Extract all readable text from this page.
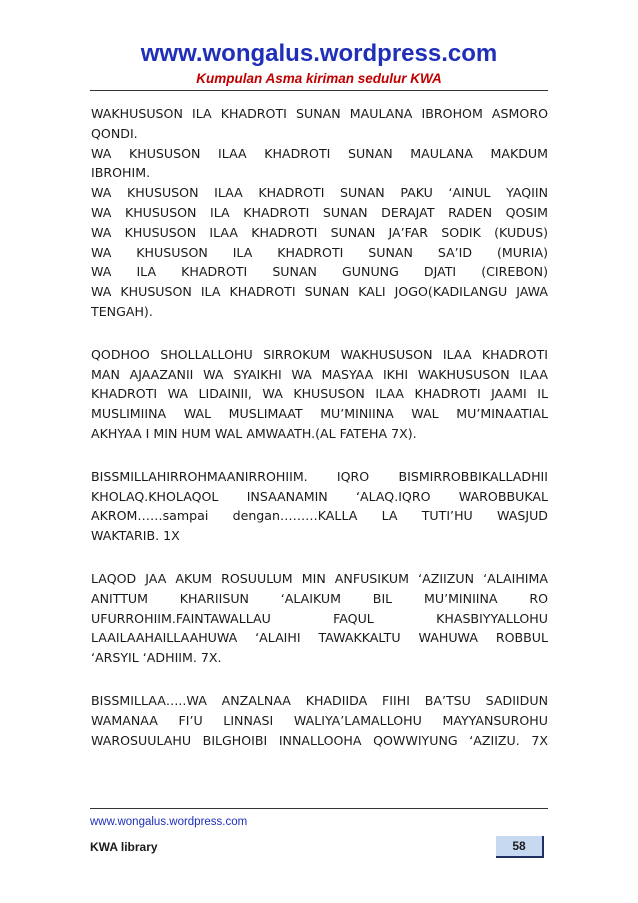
www.wongalus.wordpress.com
Kumpulan Asma kiriman sedulur KWA
WAKHUSUSON ILA KHADROTI SUNAN MAULANA IBROHOM ASMORO
QONDI.
WA KHUSUSON ILAA KHADROTI SUNAN MAULANA MAKDUM
IBROHIM.
WA KHUSUSON ILAA KHADROTI SUNAN PAKU ‘AINUL YAQIIN
WA KHUSUSON ILA KHADROTI SUNAN DERAJAT RADEN QOSIM
WA KHUSUSON ILAA KHADROTI SUNAN JA’FAR SODIK (KUDUS)
WA KHUSUSON ILA KHADROTI SUNAN SA’ID (MURIA)
WA ILA KHADROTI SUNAN GUNUNG DJATI (CIREBON)
WA KHUSUSON ILA KHADROTI SUNAN KALI JOGO(KADILANGU JAWA
TENGAH).
QODHOO SHOLLALLOHU SIRROKUM WAKHUSUSON ILAA KHADROTI
MAN AJAAZANII WA SYAIKHI WA MASYAA IKHI WAKHUSUSON ILAA
KHADROTI WA LIDAINII, WA KHUSUSON ILAA KHADROTI JAAMI IL
MUSLIMIINA WAL MUSLIMAAT MU’MINIINA WAL MU’MINAATIAL
AKHYAA I MIN HUM WAL AMWAATH.(AL FATEHA 7X).
BISSMILLAHIRROHMAANIRROHIIM. IQRO BISMIRROBBIKALLADHII
KHOLAQ.KHOLAQOL INSAANAMIN ‘ALAQ.IQRO WAROBBUKAL
AKROM……sampai dengan………KALLA LA TUTI’HU WASJUD
WAKTARIB. 1X
LAQOD JAA AKUM ROSUULUM MIN ANFUSIKUM ‘AZIIZUN ‘ALAIHIMA
ANITTUM KHARIISUN ‘ALAIKUM BIL MU’MINIINA RO
UFURROHIIM.FAINTAWALLAU FAQUL KHASBIYYALLOHU
LAAILAAHAILLAAHUWA ‘ALAIHI TAWAKKALTU WAHUWA ROBBUL
‘ARSYIL ‘ADHIIM. 7X.
BISSMILLAA…..WA ANZALNAA KHADIIDA FIIHI BA’TSU SADIIDUN
WAMANAA FI’U LINNASI WALIYA’LAMALLOHU MAYYANSUROHU
WAROSUULAHU BILGHOIBI INNALLOOHA QOWWIYUNG ‘AZIIZU. 7X
www.wongalus.wordpress.com
KWA library	58
